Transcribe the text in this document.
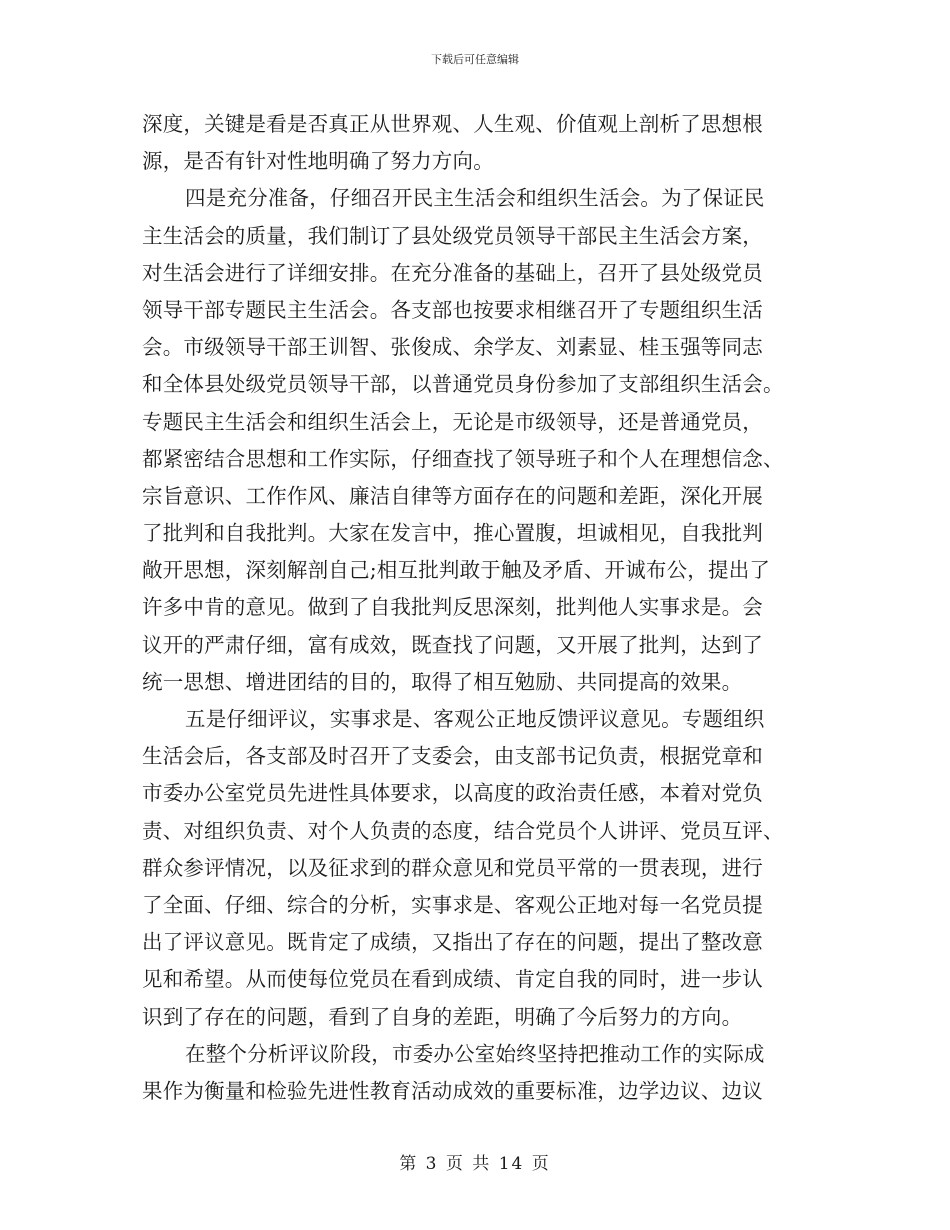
下载后可任意编辑
深度，关键是看是否真正从世界观、人生观、价值观上剖析了思想根
源，是否有针对性地明确了努力方向。
四是充分准备，仔细召开民主生活会和组织生活会。为了保证民
主生活会的质量，我们制订了县处级党员领导干部民主生活会方案，
对生活会进行了详细安排。在充分准备的基础上，召开了县处级党员
领导干部专题民主生活会。各支部也按要求相继召开了专题组织生活
会。市级领导干部王训智、张俊成、余学友、刘素显、桂玉强等同志
和全体县处级党员领导干部，以普通党员身份参加了支部组织生活会。
专题民主生活会和组织生活会上，无论是市级领导，还是普通党员，
都紧密结合思想和工作实际，仔细查找了领导班子和个人在理想信念、
宗旨意识、工作作风、廉洁自律等方面存在的问题和差距，深化开展
了批判和自我批判。大家在发言中，推心置腹，坦诚相见，自我批判
敞开思想，深刻解剖自己;相互批判敢于触及矛盾、开诚布公，提出了
许多中肯的意见。做到了自我批判反思深刻，批判他人实事求是。会
议开的严肃仔细，富有成效，既查找了问题，又开展了批判，达到了
统一思想、增进团结的目的，取得了相互勉励、共同提高的效果。
五是仔细评议，实事求是、客观公正地反馈评议意见。专题组织
生活会后，各支部及时召开了支委会，由支部书记负责，根据党章和
市委办公室党员先进性具体要求，以高度的政治责任感，本着对党负
责、对组织负责、对个人负责的态度，结合党员个人讲评、党员互评、
群众参评情况，以及征求到的群众意见和党员平常的一贯表现，进行
了全面、仔细、综合的分析，实事求是、客观公正地对每一名党员提
出了评议意见。既肯定了成绩，又指出了存在的问题，提出了整改意
见和希望。从而使每位党员在看到成绩、肯定自我的同时，进一步认
识到了存在的问题，看到了自身的差距，明确了今后努力的方向。
在整个分析评议阶段，市委办公室始终坚持把推动工作的实际成
果作为衡量和检验先进性教育活动成效的重要标准，边学边议、边议
第 3 页 共 14 页
